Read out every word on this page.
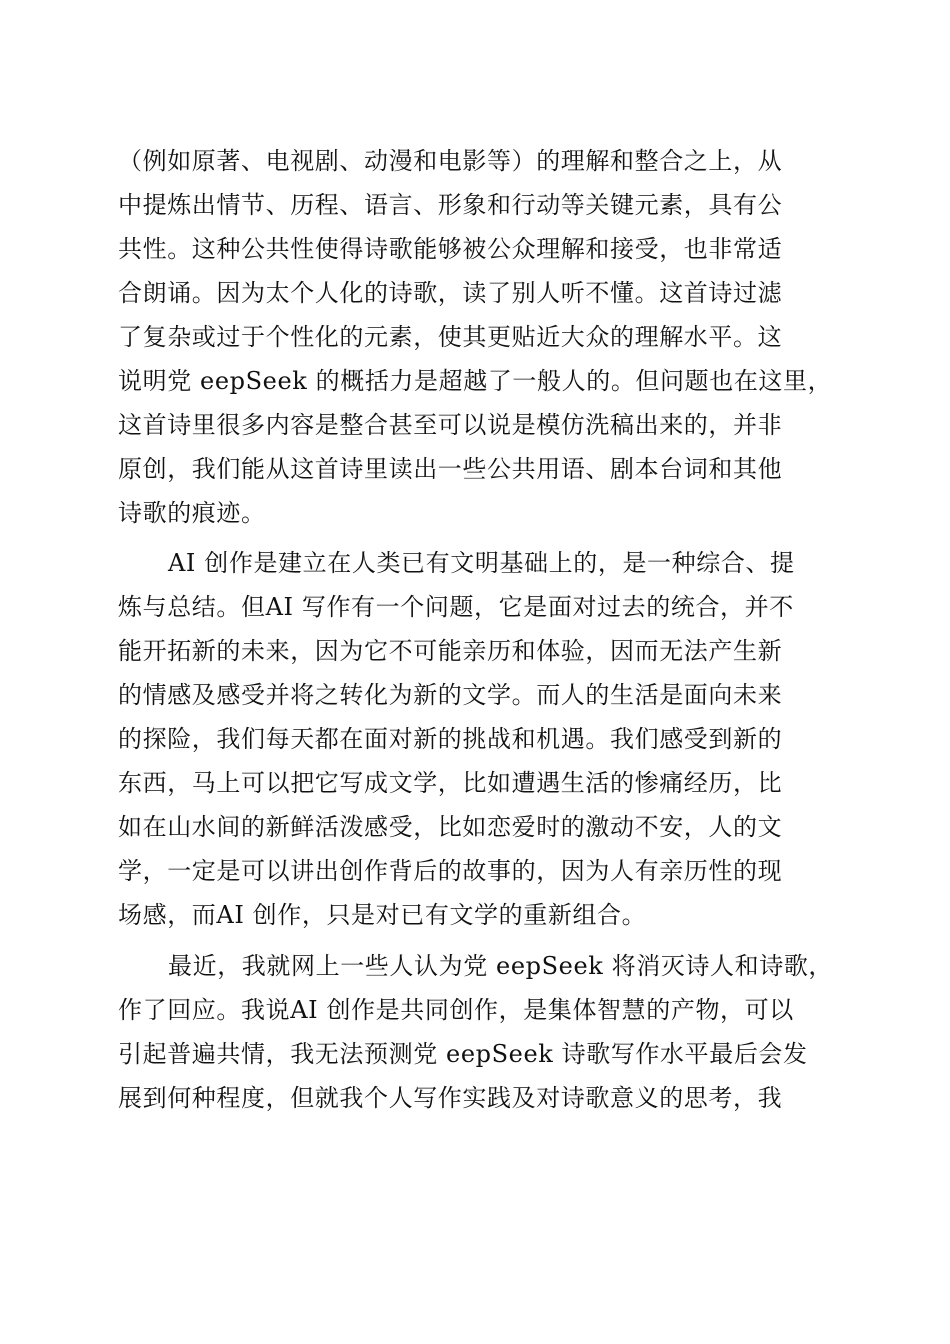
（例如原著、电视剧、动漫和电影等）的理解和整合之上，从
中提炼出情节、历程、语言、形象和行动等关键元素，具有公
共性。这种公共性使得诗歌能够被公众理解和接受，也非常适
合朗诵。因为太个人化的诗歌，读了别人听不懂。这首诗过滤
了复杂或过于个性化的元素，使其更贴近大众的理解水平。这
说明党 eepSeek 的概括力是超越了一般人的。但问题也在这里，
这首诗里很多内容是整合甚至可以说是模仿洗稿出来的，并非
原创，我们能从这首诗里读出一些公共用语、剧本台词和其他
诗歌的痕迹。
AI 创作是建立在人类已有文明基础上的，是一种综合、提
炼与总结。但AI 写作有一个问题，它是面对过去的统合，并不
能开拓新的未来，因为它不可能亲历和体验，因而无法产生新
的情感及感受并将之转化为新的文学。而人的生活是面向未来
的探险，我们每天都在面对新的挑战和机遇。我们感受到新的
东西，马上可以把它写成文学，比如遭遇生活的惨痛经历，比
如在山水间的新鲜活泼感受，比如恋爱时的激动不安，人的文
学，一定是可以讲出创作背后的故事的，因为人有亲历性的现
场感，而AI 创作，只是对已有文学的重新组合。
最近，我就网上一些人认为党 eepSeek 将消灭诗人和诗歌，
作了回应。我说AI 创作是共同创作，是集体智慧的产物，可以
引起普遍共情，我无法预测党 eepSeek 诗歌写作水平最后会发
展到何种程度，但就我个人写作实践及对诗歌意义的思考，我
